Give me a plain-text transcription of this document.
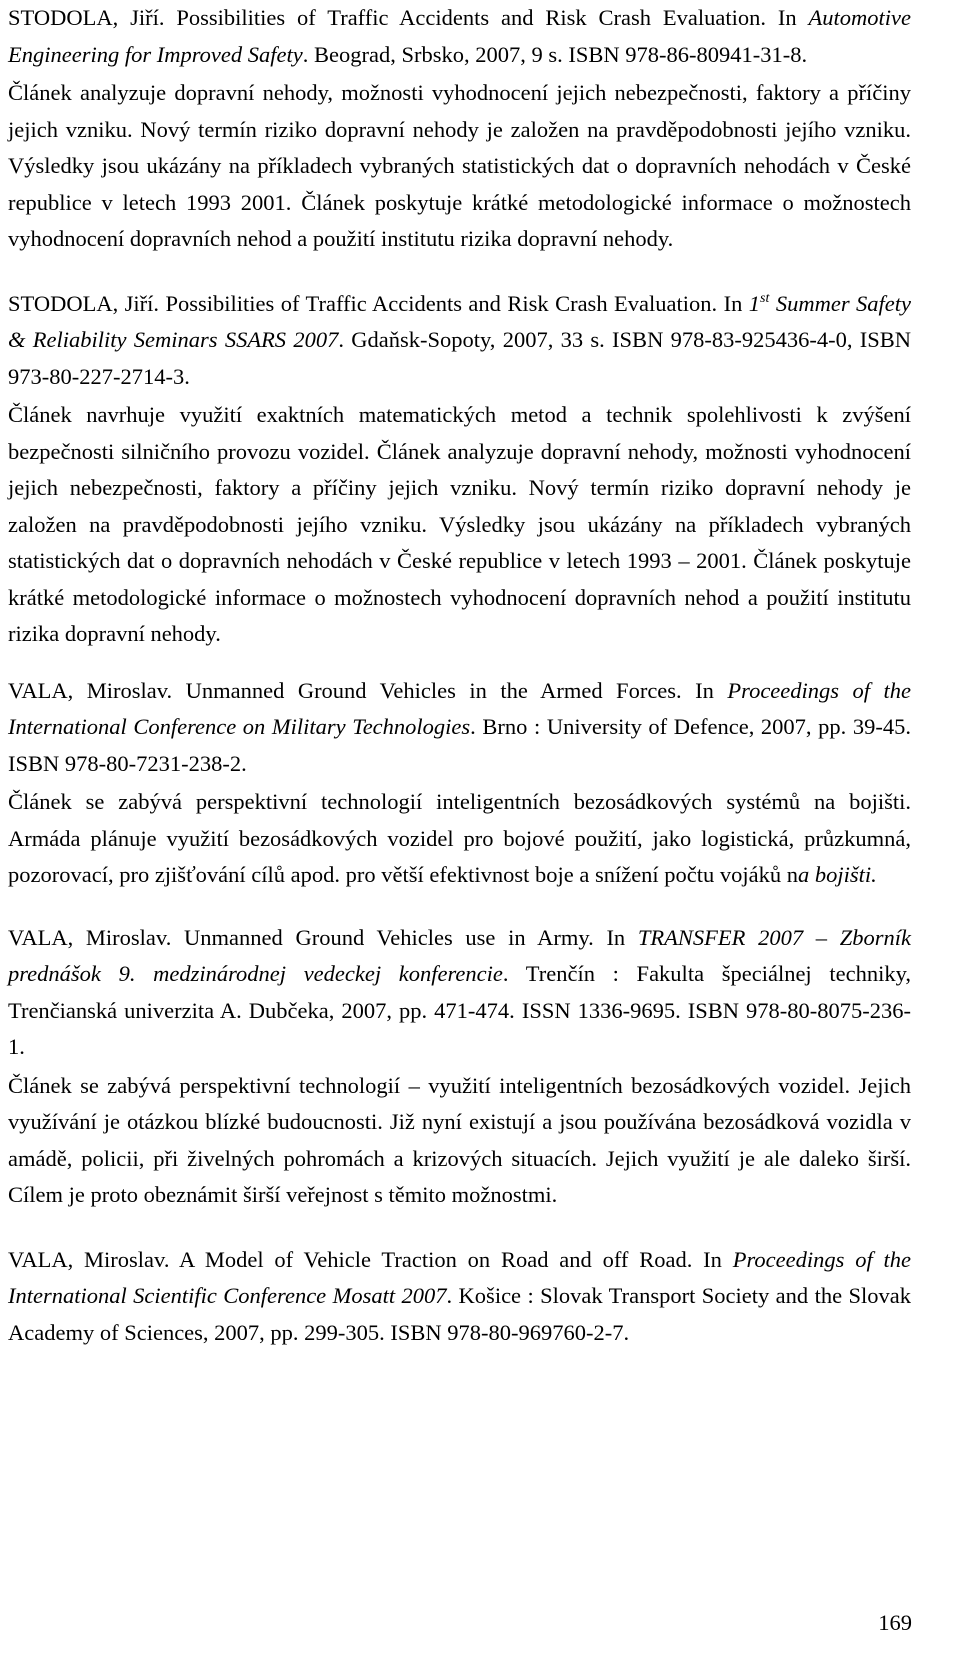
STODOLA, Jiří. Possibilities of Traffic Accidents and Risk Crash Evaluation. In Automotive Engineering for Improved Safety. Beograd, Srbsko, 2007, 9 s. ISBN 978-86-80941-31-8.

Článek analyzuje dopravní nehody, možnosti vyhodnocení jejich nebezpečnosti, faktory a příčiny jejich vzniku. Nový termín riziko dopravní nehody je založen na pravděpodobnosti jejího vzniku. Výsledky jsou ukázány na příkladech vybraných statistických dat o dopravních nehodách v České republice v letech 1993 2001. Článek poskytuje krátké metodologické informace o možnostech vyhodnocení dopravních nehod a použití institutu rizika dopravní nehody.

STODOLA, Jiří. Possibilities of Traffic Accidents and Risk Crash Evaluation. In 1st Summer Safety & Reliability Seminars SSARS 2007. Gdaňsk-Sopoty, 2007, 33 s. ISBN 978-83-925436-4-0, ISBN 973-80-227-2714-3.

Článek navrhuje využití exaktních matematických metod a technik spolehlivosti k zvýšení bezpečnosti silničního provozu vozidel. Článek analyzuje dopravní nehody, možnosti vyhodnocení jejich nebezpečnosti, faktory a příčiny jejich vzniku. Nový termín riziko dopravní nehody je založen na pravděpodobnosti jejího vzniku. Výsledky jsou ukázány na příkladech vybraných statistických dat o dopravních nehodách v České republice v letech 1993 – 2001. Článek poskytuje krátké metodologické informace o možnostech vyhodnocení dopravních nehod a použití institutu rizika dopravní nehody.

VALA, Miroslav. Unmanned Ground Vehicles in the Armed Forces. In Proceedings of the International Conference on Military Technologies. Brno : University of Defence, 2007, pp. 39-45. ISBN 978-80-7231-238-2.

Článek se zabývá perspektivní technologií inteligentních bezosádkových systémů na bojišti. Armáda plánuje využití bezosádkových vozidel pro bojové použití, jako logistická, průzkumná, pozorovací, pro zjišťování cílů apod. pro větší efektivnost boje a snížení počtu vojáků na bojišti.

VALA, Miroslav. Unmanned Ground Vehicles use in Army. In TRANSFER 2007 – Zborník prednášok 9. medzinárodnej vedeckej konferencie. Trenčín : Fakulta špeciálnej techniky, Trenčianská univerzita A. Dubčeka, 2007, pp. 471-474. ISSN 1336-9695. ISBN 978-80-8075-236-1.

Článek se zabývá perspektivní technologií – využití inteligentních bezosádkových vozidel. Jejich využívání je otázkou blízké budoucnosti. Již nyní existují a jsou používána bezosádková vozidla v amádě, policii, při živelných pohromách a krizových situacích. Jejich využití je ale daleko širší. Cílem je proto obeznámit širší veřejnost s těmito možnostmi.

VALA, Miroslav. A Model of Vehicle Traction on Road and off Road. In Proceedings of the International Scientific Conference Mosatt 2007. Košice : Slovak Transport Society and the Slovak Academy of Sciences, 2007, pp. 299-305. ISBN 978-80-969760-2-7.

169
